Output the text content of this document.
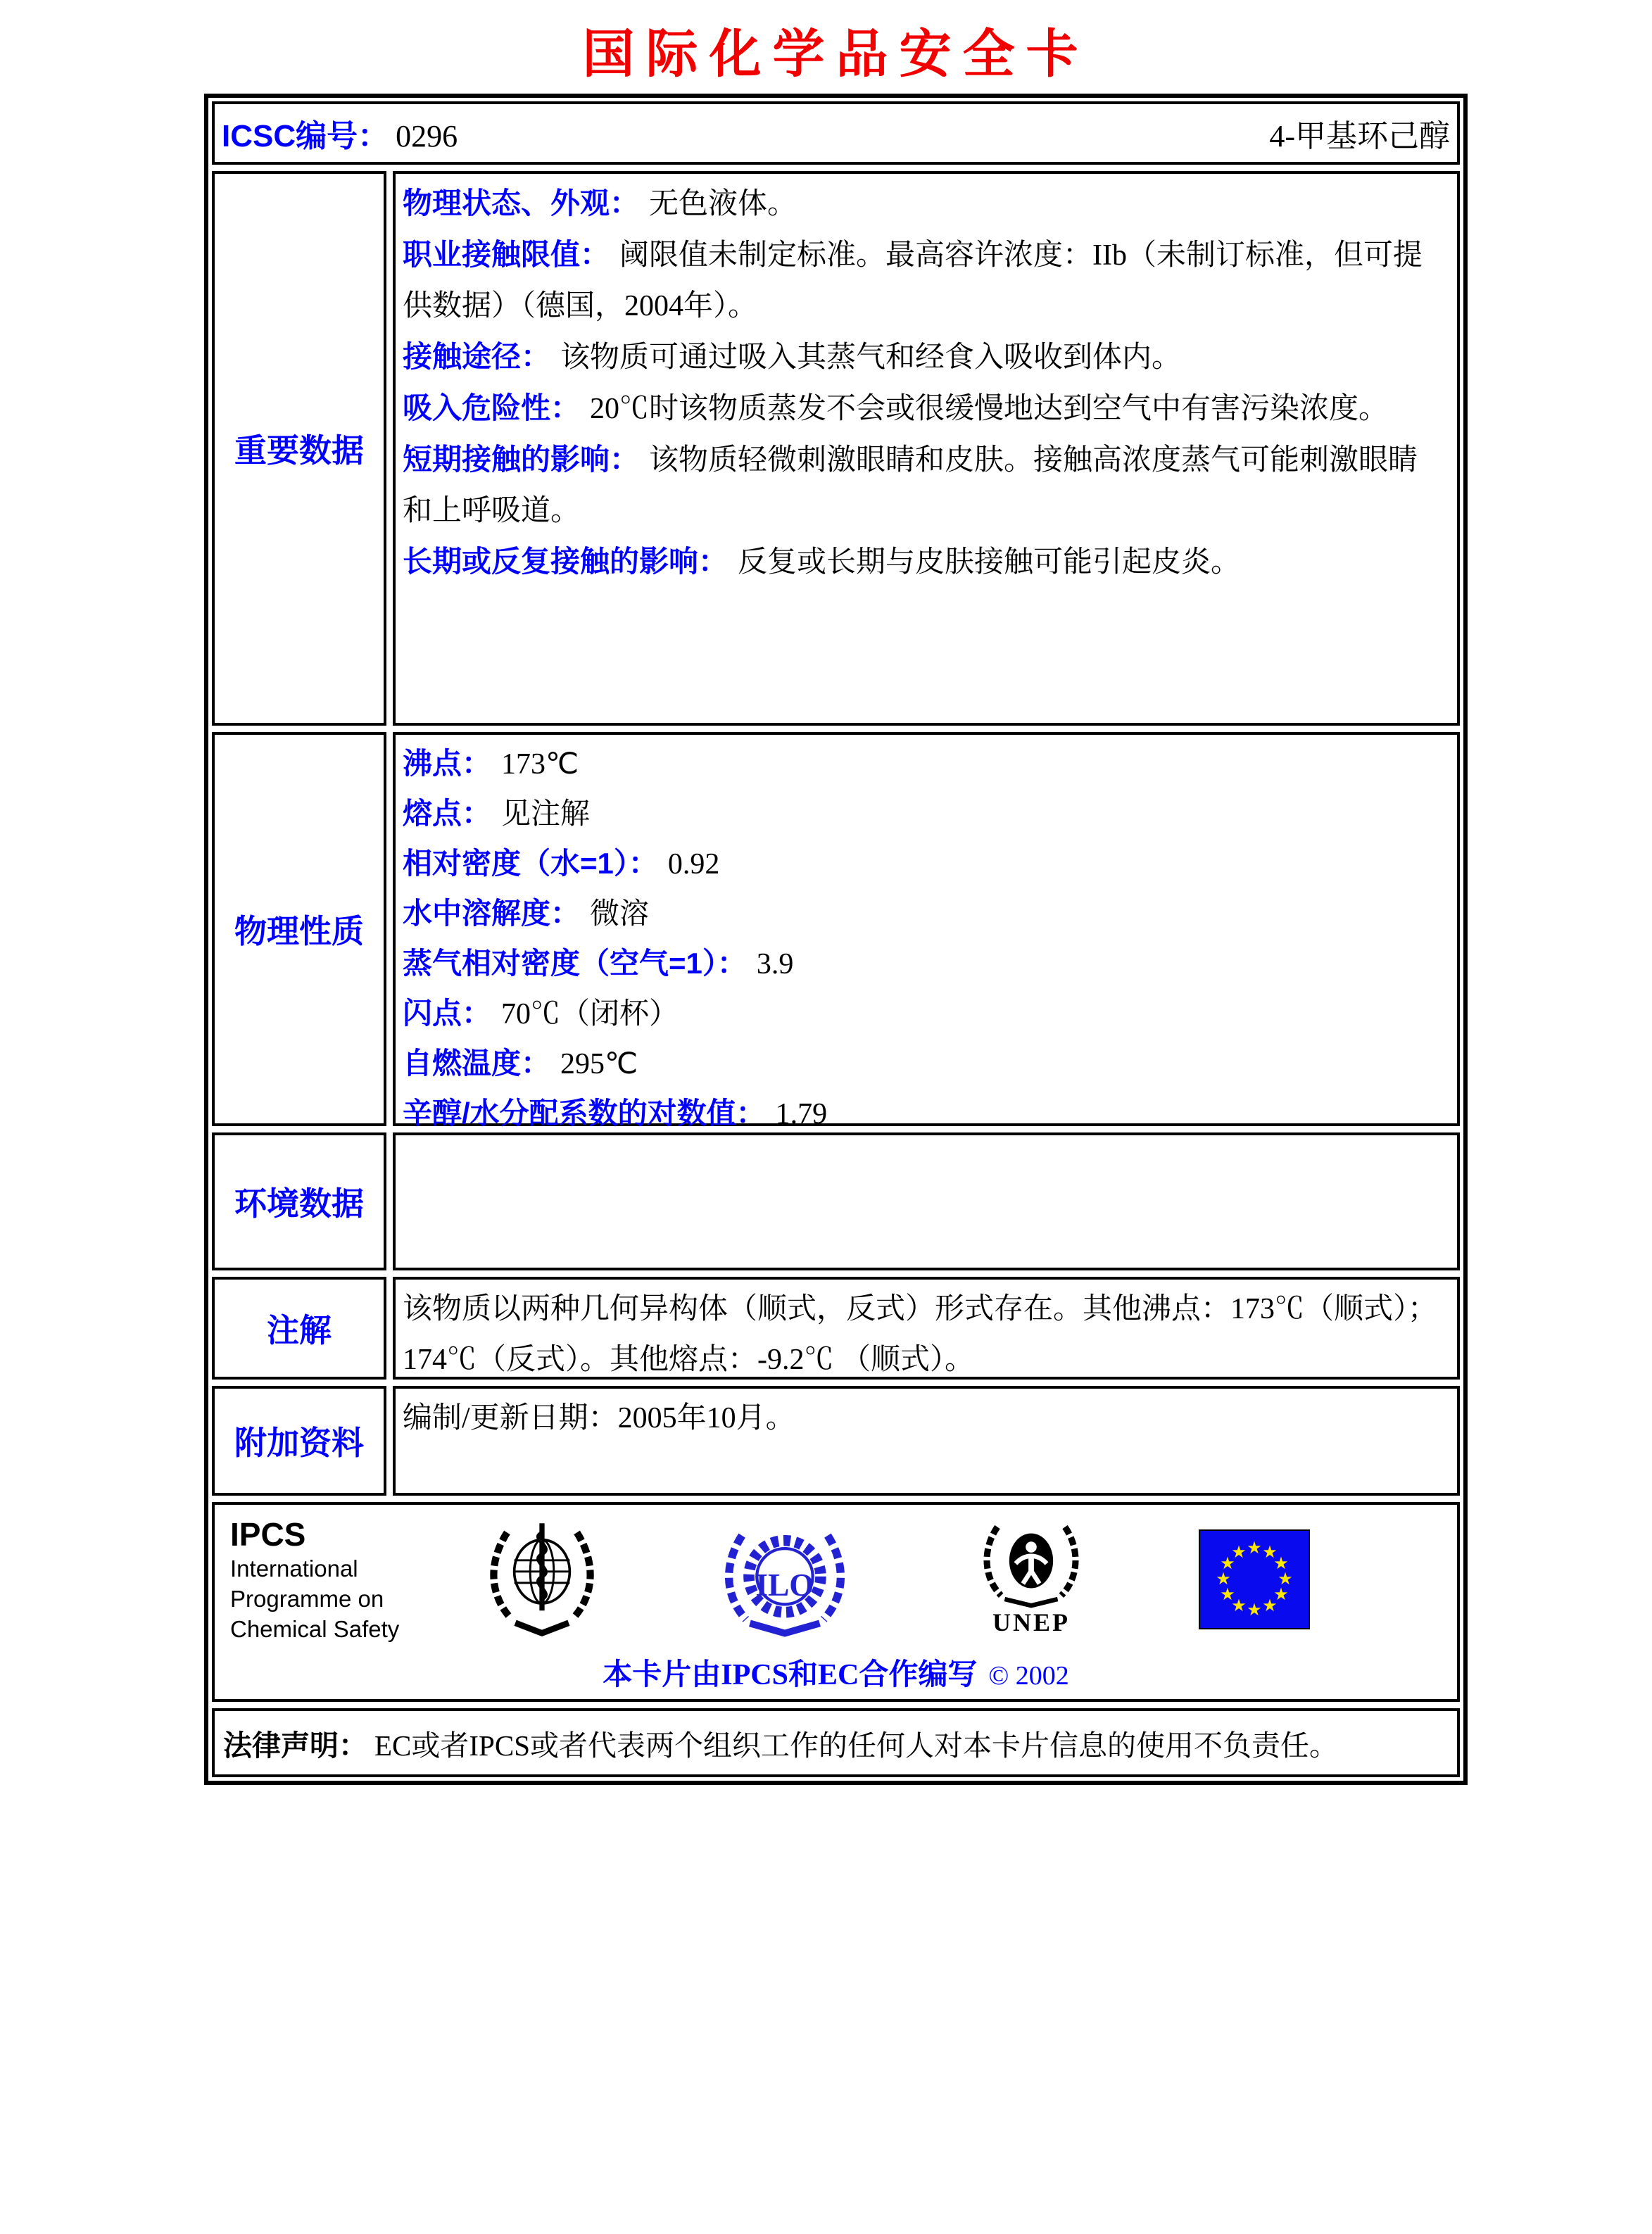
国际化学品安全卡
ICSC编号： 0296	4-甲基环己醇
重要数据

物理状态、外观： 无色液体。

职业接触限值： 阈限值未制定标准。最高容许浓度：IIb（未制订标准，但可提供数据）（德国，2004年）。

接触途径： 该物质可通过吸入其蒸气和经食入吸收到体内。

吸入危险性： 20℃时该物质蒸发不会或很缓慢地达到空气中有害污染浓度。

短期接触的影响： 该物质轻微刺激眼睛和皮肤。接触高浓度蒸气可能刺激眼睛和上呼吸道。

长期或反复接触的影响： 反复或长期与皮肤接触可能引起皮炎。

物理性质

沸点： 173℃

熔点： 见注解

相对密度（水=1）： 0.92

水中溶解度： 微溶

蒸气相对密度（空气=1）： 3.9

闪点： 70℃（闭杯）

自燃温度： 295℃

辛醇/水分配系数的对数值： 1.79

环境数据

注解

该物质以两种几何异构体（顺式，反式）形式存在。其他沸点：173℃（顺式）；174℃（反式）。其他熔点：-9.2℃ （顺式）。

附加资料

编制/更新日期：2005年10月。

IPCS
International
Programme on
Chemical Safety
ILO
UNEP
★ ★
★
★
★
★
★
★
★
★
★
★
本卡片由IPCS和EC合作编写 © 2002
法律声明： EC或者IPCS或者代表两个组织工作的任何人对本卡片信息的使用不负责任。
